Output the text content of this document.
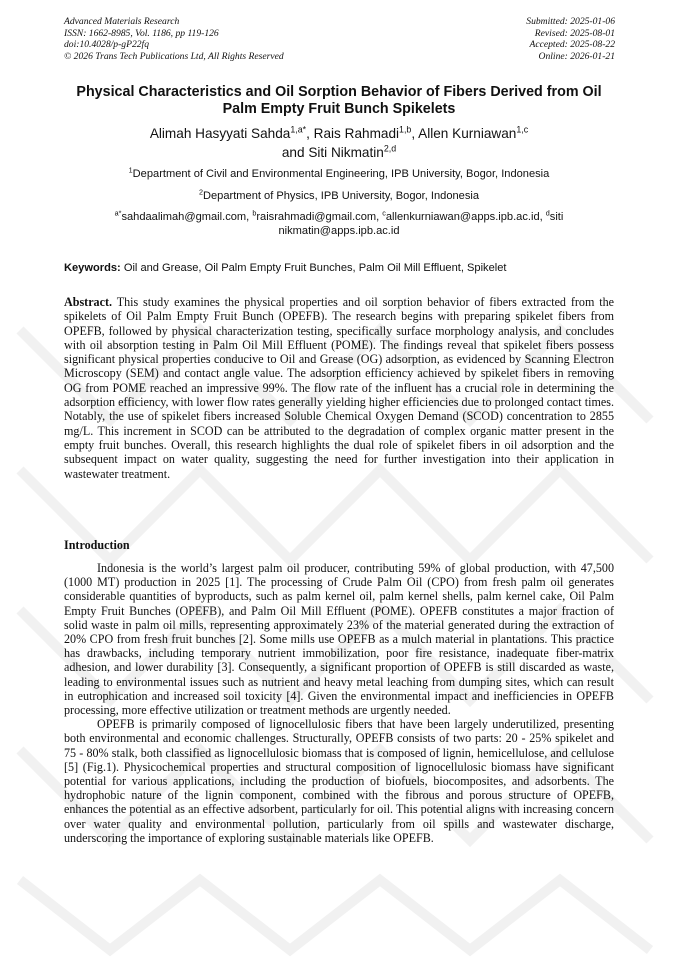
Advanced Materials Research
ISSN: 1662-8985, Vol. 1186, pp 119-126
doi:10.4028/p-gP22fq
© 2026 Trans Tech Publications Ltd, All Rights Reserved
Submitted: 2025-01-06
Revised: 2025-08-01
Accepted: 2025-08-22
Online: 2026-01-21
Physical Characteristics and Oil Sorption Behavior of Fibers Derived from Oil Palm Empty Fruit Bunch Spikelets
Alimah Hasyyati Sahda$^{1,a*}$, Rais Rahmadi$^{1,b}$, Allen Kurniawan$^{1,c}$
and Siti Nikmatin$^{2,d}$
$^1$Department of Civil and Environmental Engineering, IPB University, Bogor, Indonesia
$^2$Department of Physics, IPB University, Bogor, Indonesia
$^{a*}$sahdaalimah@gmail.com, $^b$raisrahmadi@gmail.com, $^c$allenkurniawan@apps.ipb.ac.id, $^d$siti nikmatin@apps.ipb.ac.id
Keywords: Oil and Grease, Oil Palm Empty Fruit Bunches, Palm Oil Mill Effluent, Spikelet
Abstract. This study examines the physical properties and oil sorption behavior of fibers extracted from the spikelets of Oil Palm Empty Fruit Bunch (OPEFB). The research begins with preparing spikelet fibers from OPEFB, followed by physical characterization testing, specifically surface morphology analysis, and concludes with oil absorption testing in Palm Oil Mill Effluent (POME). The findings reveal that spikelet fibers possess significant physical properties conducive to Oil and Grease (OG) adsorption, as evidenced by Scanning Electron Microscopy (SEM) and contact angle value. The adsorption efficiency achieved by spikelet fibers in removing OG from POME reached an impressive 99%. The flow rate of the influent has a crucial role in determining the adsorption efficiency, with lower flow rates generally yielding higher efficiencies due to prolonged contact times. Notably, the use of spikelet fibers increased Soluble Chemical Oxygen Demand (SCOD) concentration to 2855 mg/L. This increment in SCOD can be attributed to the degradation of complex organic matter present in the empty fruit bunches. Overall, this research highlights the dual role of spikelet fibers in oil adsorption and the subsequent impact on water quality, suggesting the need for further investigation into their application in wastewater treatment.
Introduction

Indonesia is the world’s largest palm oil producer, contributing 59% of global production, with 47,500 (1000 MT) production in 2025 [1]. The processing of Crude Palm Oil (CPO) from fresh palm oil generates considerable quantities of byproducts, such as palm kernel oil, palm kernel shells, palm kernel cake, Oil Palm Empty Fruit Bunches (OPEFB), and Palm Oil Mill Effluent (POME). OPEFB constitutes a major fraction of solid waste in palm oil mills, representing approximately 23% of the material generated during the extraction of 20% CPO from fresh fruit bunches [2]. Some mills use OPEFB as a mulch material in plantations. This practice has drawbacks, including temporary nutrient immobilization, poor fire resistance, inadequate fiber-matrix adhesion, and lower durability [3]. Consequently, a significant proportion of OPEFB is still discarded as waste, leading to environmental issues such as nutrient and heavy metal leaching from dumping sites, which can result in eutrophication and increased soil toxicity [4]. Given the environmental impact and inefficiencies in OPEFB processing, more effective utilization or treatment methods are urgently needed.

OPEFB is primarily composed of lignocellulosic fibers that have been largely underutilized, presenting both environmental and economic challenges. Structurally, OPEFB consists of two parts: 20 - 25% spikelet and 75 - 80% stalk, both classified as lignocellulosic biomass that is composed of lignin, hemicellulose, and cellulose [5] (Fig.1). Physicochemical properties and structural composition of lignocellulosic biomass have significant potential for various applications, including the production of biofuels, biocomposites, and adsorbents. The hydrophobic nature of the lignin component, combined with the fibrous and porous structure of OPEFB, enhances the potential as an effective adsorbent, particularly for oil. This potential aligns with increasing concern over water quality and environmental pollution, particularly from oil spills and wastewater discharge, underscoring the importance of exploring sustainable materials like OPEFB.
